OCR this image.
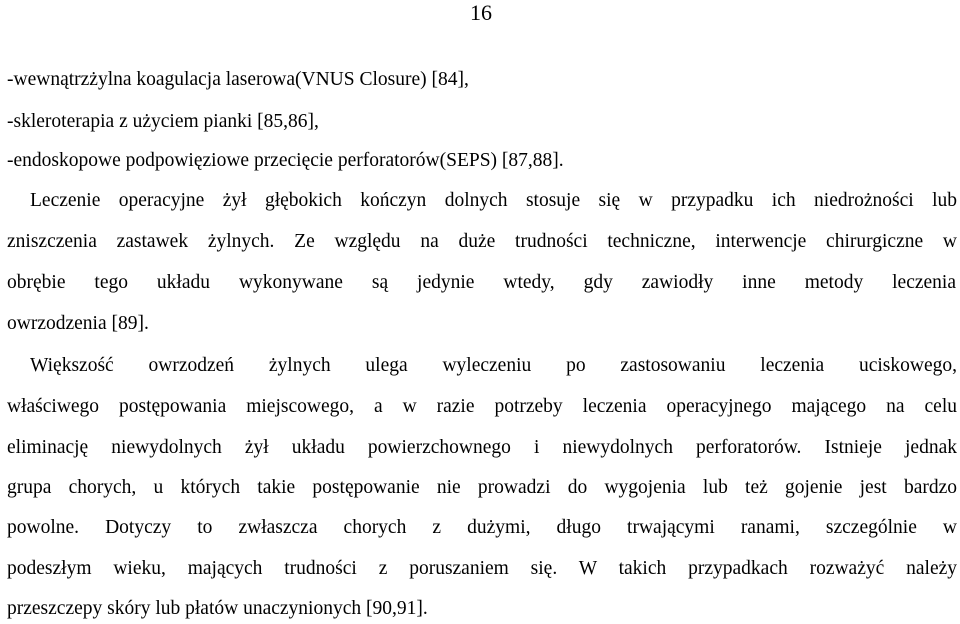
16
-wewnątrzżylna koagulacja laserowa(VNUS Closure) [84],
-skleroterapia z użyciem pianki [85,86],
-endoskopowe podpowięziowe przecięcie perforatorów(SEPS) [87,88].
Leczenie operacyjne żył głębokich kończyn dolnych stosuje się w przypadku ich niedrożności lub
zniszczenia zastawek żylnych. Ze względu na duże trudności techniczne, interwencje chirurgiczne w
obrębie tego układu wykonywane są jedynie wtedy, gdy zawiodły inne metody leczenia
owrzodzenia [89].
Większość owrzodzeń żylnych ulega wyleczeniu po zastosowaniu leczenia uciskowego,
właściwego postępowania miejscowego, a w razie potrzeby leczenia operacyjnego mającego na celu
eliminację niewydolnych żył układu powierzchownego i niewydolnych perforatorów. Istnieje jednak
grupa chorych, u których takie postępowanie nie prowadzi do wygojenia lub też gojenie jest bardzo
powolne. Dotyczy to zwłaszcza chorych z dużymi, długo trwającymi ranami, szczególnie w
podeszłym wieku, mających trudności z poruszaniem się. W takich przypadkach rozważyć należy
przeszczepy skóry lub płatów unaczynionych [90,91].
